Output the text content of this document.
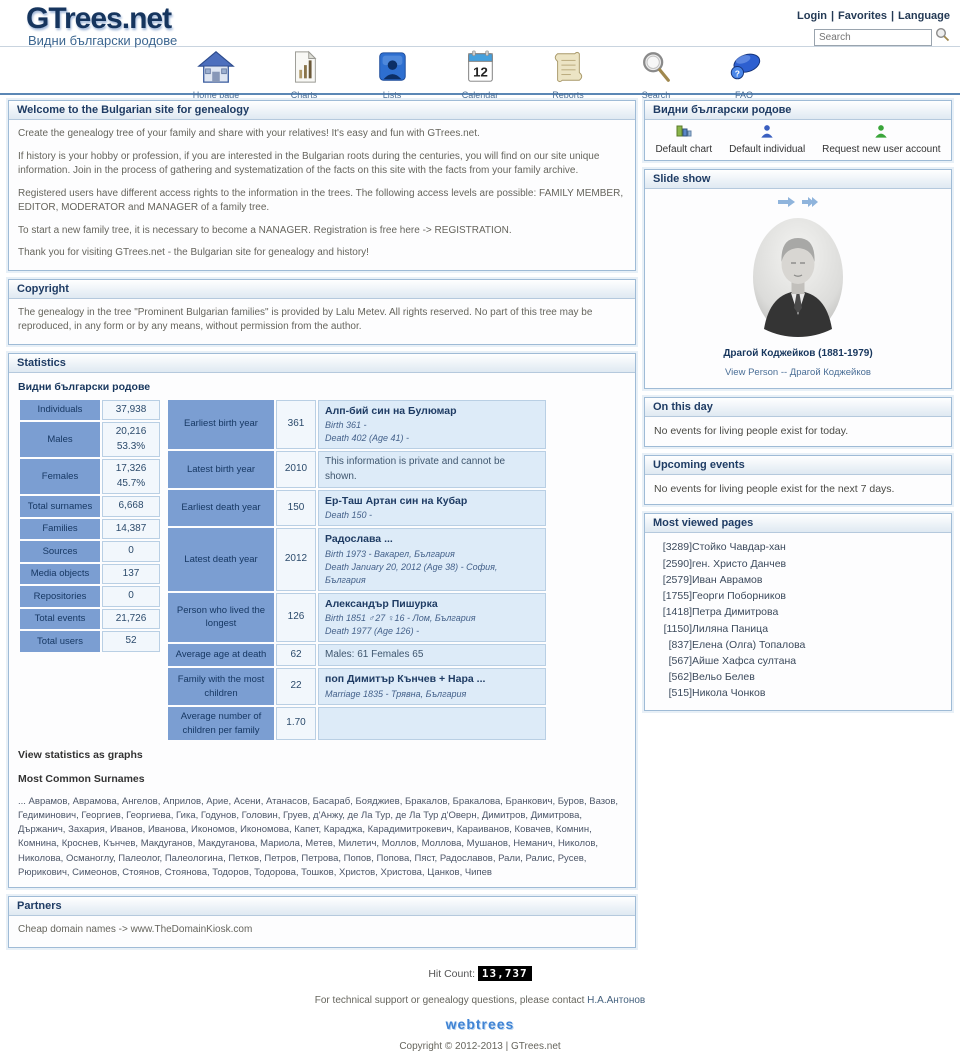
GTrees.net
Видни български родове
Login | Favorites | Language
Search
Home page	Charts	Lists
12
Calendar	Reports	Search
?
FAQ
Welcome to the Bulgarian site for genealogy

Create the genealogy tree of your family and share with your relatives! It's easy and fun with GTrees.net.

If history is your hobby or profession, if you are interested in the Bulgarian roots during the centuries, you will find on our site unique information. Join in the process of gathering and systematization of the facts on this site with the facts from your family archive.

Registered users have different access rights to the information in the trees. The following access levels are possible: FAMILY MEMBER, EDITOR, MODERATOR and MANAGER of a family tree.

To start a new family tree, it is necessary to become a NANAGER. Registration is free here -> REGISTRATION.

Thank you for visiting GTrees.net - the Bulgarian site for genealogy and history!

Copyright

The genealogy in the tree "Prominent Bulgarian families" is provided by Lalu Metev. All rights reserved. No part of this tree may be reproduced, in any form or by any means, without permission from the author.

Statistics
Видни български родове
Individuals	37,938

Males	20,216
53.3%

Females	17,326
45.7%

Total surnames	6,668

Families	14,387

Sources	0

Media objects	137

Repositories	0

Total events	21,726

Total users	52
Earliest birth year	361	Алп-бий син на Булюмар
Birth 361 -
Death 402 (Age 41) -

Latest birth year	2010	This information is private and cannot be shown.
Earliest death year	150	Ер-Таш Артан син на Кубар
Death 150 -

Latest death year	2012	Радослава ...
Birth 1973 - Вакарел, България
Death January 20, 2012 (Age 38) - София, България

Person who lived the longest	126	Александър Пишурка
Birth 1851 ♂27 ♀16 - Лом, България
Death 1977 (Age 126) -

Average age at death	62	Males: 61 Females 65
Family with the most children	22	поп Димитър Кънчев + Нара ...
Marriage 1835 - Трявна, България

Average number of children per family	1.70	
View statistics as graphs
Most Common Surnames
... Аврамов, Аврамова, Ангелов, Априлов, Арие, Асени, Атанасов, Басараб, Бояджиев, Бракалов, Бракалова, Бранкович, Буров, Вазов, Гедиминович, Георгиев, Георгиева, Гика, Годунов, Головин, Груев, д'Анжу, де Ла Тур, де Ла Тур д'Оверн, Димитров, Димитрова, Държанич, Захария, Иванов, Иванова, Икономов, Икономова, Капет, Караджа, Карадимитрокевич, Караиванов, Ковачев, Комнин, Комнина, Кроснев, Кънчев, Макдуганов, Макдуганова, Мариола, Метев, Милетич, Моллов, Моллова, Мушанов, Неманич, Николов, Николова, Османоглу, Палеолог, Палеологина, Петков, Петров, Петрова, Попов, Попова, Пяст, Радославов, Рали, Ралис, Русев, Рюрикович, Симеонов, Стоянов, Стоянова, Тодоров, Тодорова, Тошков, Христов, Христова, Цанков, Чипев
Partners

Cheap domain names -> www.TheDomainKiosk.com

Видни български родове
Default chart Default individual Request new user account
Slide show
Драгой Коджейков (1881-1979)
View Person -- Драгой Коджейков
On this day
No events for living people exist for today.
Upcoming events
No events for living people exist for the next 7 days.
Most viewed pages
[3289]	Стойко Чавдар-хан
[2590]	ген. Христо Данчев
[2579]	Иван Аврамов
[1755]	Георги Поборников
[1418]	Петра Димитрова
[1150]	Лиляна Паница
[837]	Елена (Олга) Топалова
[567]	Айше Хафса султана
[562]	Вельо Белев
[515]	Никола Чонков
Hit Count: 13,737
For technical support or genealogy questions, please contact Н.А.Антонов
webtrees
Copyright © 2012-2013 | GTrees.net
